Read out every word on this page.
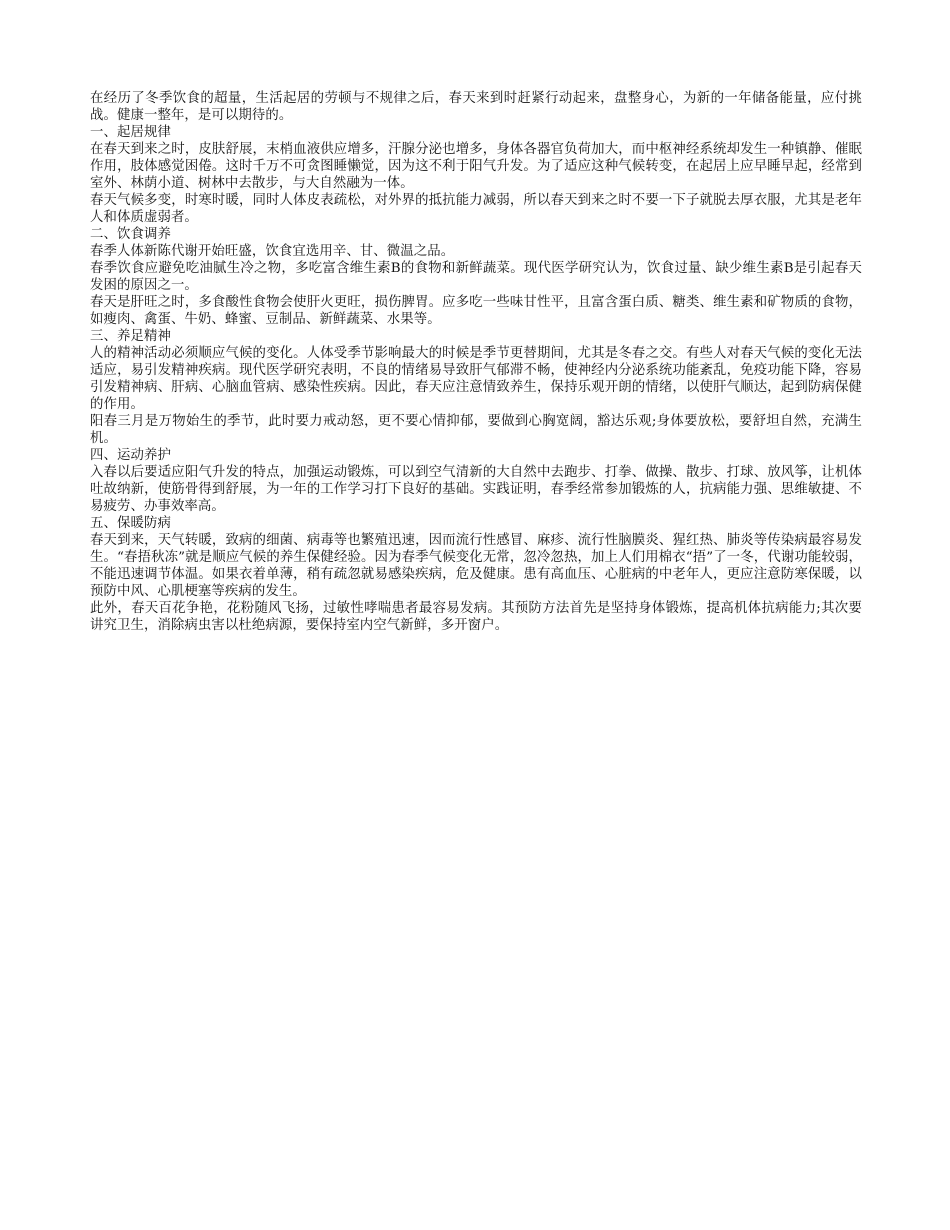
在经历了冬季饮食的超量，生活起居的劳顿与不规律之后，春天来到时赶紧行动起来，盘整身心，为新的一年储备能量，应付挑战。健康一整年，是可以期待的。

一、起居规律

在春天到来之时，皮肤舒展，末梢血液供应增多，汗腺分泌也增多，身体各器官负荷加大，而中枢神经系统却发生一种镇静、催眠作用，肢体感觉困倦。这时千万不可贪图睡懒觉，因为这不利于阳气升发。为了适应这种气候转变，在起居上应早睡早起，经常到室外、林荫小道、树林中去散步，与大自然融为一体。

春天气候多变，时寒时暖，同时人体皮表疏松，对外界的抵抗能力减弱，所以春天到来之时不要一下子就脱去厚衣服，尤其是老年人和体质虚弱者。

二、饮食调养

春季人体新陈代谢开始旺盛，饮食宜选用辛、甘、微温之品。

春季饮食应避免吃油腻生冷之物，多吃富含维生素B的食物和新鲜蔬菜。现代医学研究认为，饮食过量、缺少维生素B是引起春天发困的原因之一。

春天是肝旺之时，多食酸性食物会使肝火更旺，损伤脾胃。应多吃一些味甘性平，且富含蛋白质、糖类、维生素和矿物质的食物，如瘦肉、禽蛋、牛奶、蜂蜜、豆制品、新鲜蔬菜、水果等。

三、养足精神

人的精神活动必须顺应气候的变化。人体受季节影响最大的时候是季节更替期间，尤其是冬春之交。有些人对春天气候的变化无法适应，易引发精神疾病。现代医学研究表明，不良的情绪易导致肝气郁滞不畅，使神经内分泌系统功能紊乱，免疫功能下降，容易引发精神病、肝病、心脑血管病、感染性疾病。因此，春天应注意情致养生，保持乐观开朗的情绪，以使肝气顺达，起到防病保健的作用。

阳春三月是万物始生的季节，此时要力戒动怒，更不要心情抑郁，要做到心胸宽阔，豁达乐观;身体要放松，要舒坦自然，充满生机。

四、运动养护

入春以后要适应阳气升发的特点，加强运动锻炼，可以到空气清新的大自然中去跑步、打拳、做操、散步、打球、放风筝，让机体吐故纳新，使筋骨得到舒展，为一年的工作学习打下良好的基础。实践证明，春季经常参加锻炼的人，抗病能力强、思维敏捷、不易疲劳、办事效率高。

五、保暖防病

春天到来，天气转暖，致病的细菌、病毒等也繁殖迅速，因而流行性感冒、麻疹、流行性脑膜炎、猩红热、肺炎等传染病最容易发生。“春捂秋冻”就是顺应气候的养生保健经验。因为春季气候变化无常，忽冷忽热，加上人们用棉衣“捂”了一冬，代谢功能较弱，不能迅速调节体温。如果衣着单薄，稍有疏忽就易感染疾病，危及健康。患有高血压、心脏病的中老年人，更应注意防寒保暖，以预防中风、心肌梗塞等疾病的发生。

此外，春天百花争艳，花粉随风飞扬，过敏性哮喘患者最容易发病。其预防方法首先是坚持身体锻炼，提高机体抗病能力;其次要讲究卫生，消除病虫害以杜绝病源，要保持室内空气新鲜，多开窗户。
